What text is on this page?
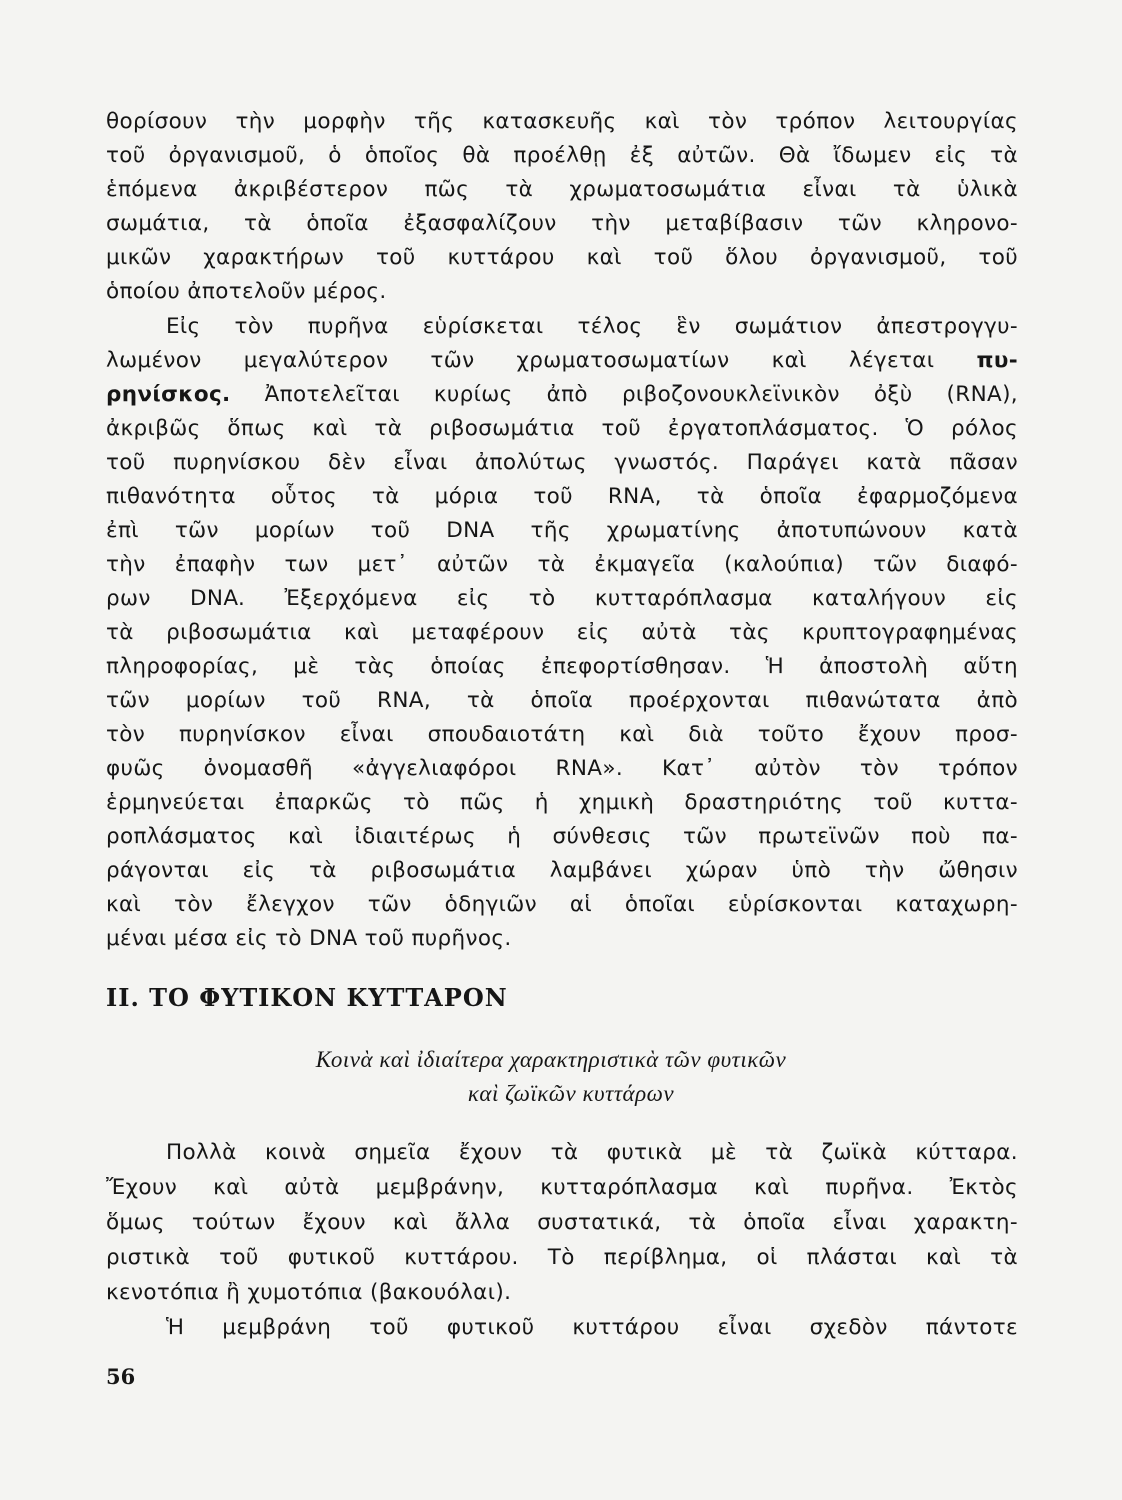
θορίσουν τὴν μορφὴν τῆς κατασκευῆς καὶ τὸν τρόπον λειτουργίας
τοῦ ὀργανισμοῦ, ὁ ὁποῖος θὰ προέλθῃ ἐξ αὐτῶν. Θὰ ἴδωμεν εἰς τὰ
ἑπόμενα ἀκριβέστερον πῶς τὰ χρωματοσωμάτια εἶναι τὰ ὑλικὰ
σωμάτια, τὰ ὁποῖα ἐξασφαλίζουν τὴν μεταβίβασιν τῶν κληρονο-
μικῶν χαρακτήρων τοῦ κυττάρου καὶ τοῦ ὅλου ὀργανισμοῦ, τοῦ
ὁποίου ἀποτελοῦν μέρος.
Εἰς τὸν πυρῆνα εὑρίσκεται τέλος ἓν σωμάτιον ἀπεστρογγυ-
λωμένον μεγαλύτερον τῶν χρωματοσωματίων καὶ λέγεται πυ-
ρηνίσκος. Ἀποτελεῖται κυρίως ἀπὸ ριβοζονουκλεϊνικὸν ὀξὺ (RNA),
ἀκριβῶς ὅπως καὶ τὰ ριβοσωμάτια τοῦ ἐργατοπλάσματος. Ὁ ρόλος
τοῦ πυρηνίσκου δὲν εἶναι ἀπολύτως γνωστός. Παράγει κατὰ πᾶσαν
πιθανότητα οὗτος τὰ μόρια τοῦ RNA, τὰ ὁποῖα ἐφαρμοζόμενα
ἐπὶ τῶν μορίων τοῦ DNA τῆς χρωματίνης ἀποτυπώνουν κατὰ
τὴν ἐπαφὴν των μετ᾽ αὐτῶν τὰ ἐκμαγεῖα (καλούπια) τῶν διαφό-
ρων DNA. Ἐξερχόμενα εἰς τὸ κυτταρόπλασμα καταλήγουν εἰς
τὰ ριβοσωμάτια καὶ μεταφέρουν εἰς αὐτὰ τὰς κρυπτογραφημένας
πληροφορίας, μὲ τὰς ὁποίας ἐπεφορτίσθησαν. Ἡ ἀποστολὴ αὕτη
τῶν μορίων τοῦ RNA, τὰ ὁποῖα προέρχονται πιθανώτατα ἀπὸ
τὸν πυρηνίσκον εἶναι σπουδαιοτάτη καὶ διὰ τοῦτο ἔχουν προσ-
φυῶς ὀνομασθῆ «ἀγγελιαφόροι RNA». Κατ᾽ αὐτὸν τὸν τρόπον
ἑρμηνεύεται ἐπαρκῶς τὸ πῶς ἡ χημικὴ δραστηριότης τοῦ κυττα-
ροπλάσματος καὶ ἰδιαιτέρως ἡ σύνθεσις τῶν πρωτεϊνῶν ποὺ πα-
ράγονται εἰς τὰ ριβοσωμάτια λαμβάνει χώραν ὑπὸ τὴν ὤθησιν
καὶ τὸν ἔλεγχον τῶν ὁδηγιῶν αἱ ὁποῖαι εὑρίσκονται καταχωρη-
μέναι μέσα εἰς τὸ DNA τοῦ πυρῆνος.
II. ΤΟ ΦΥΤΙΚΟΝ ΚΥΤΤΑΡΟΝ
Κοινὰ καὶ ἰδιαίτερα χαρακτηριστικὰ τῶν φυτικῶν
καὶ ζωϊκῶν κυττάρων
Πολλὰ κοινὰ σημεῖα ἔχουν τὰ φυτικὰ μὲ τὰ ζωϊκὰ κύτταρα.
Ἔχουν καὶ αὐτὰ μεμβράνην, κυτταρόπλασμα καὶ πυρῆνα. Ἐκτὸς
ὅμως τούτων ἔχουν καὶ ἄλλα συστατικά, τὰ ὁποῖα εἶναι χαρακτη-
ριστικὰ τοῦ φυτικοῦ κυττάρου. Τὸ περίβλημα, οἱ πλάσται καὶ τὰ
κενοτόπια ἢ χυμοτόπια (βακουόλαι).
Ἡ μεμβράνη τοῦ φυτικοῦ κυττάρου εἶναι σχεδὸν πάντοτε
56
